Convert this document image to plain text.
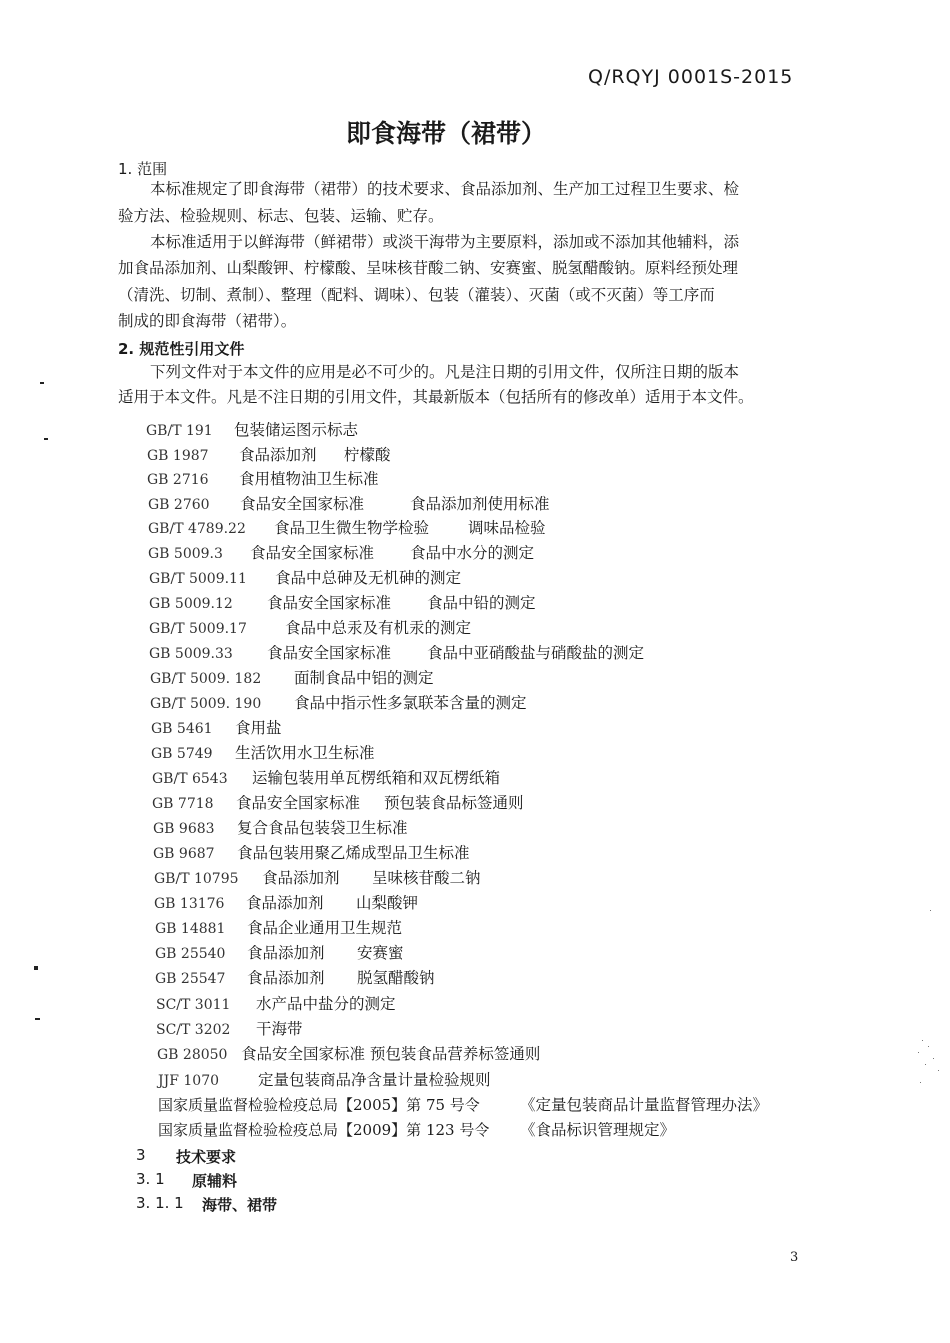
Q/RQYJ 0001S-2015
即食海带（裙带）
1. 范围
本标准规定了即食海带（裙带）的技术要求、食品添加剂、生产加工过程卫生要求、检
验方法、检验规则、标志、包装、运输、贮存。
本标准适用于以鲜海带（鲜裙带）或淡干海带为主要原料，添加或不添加其他辅料，添
加食品添加剂、山梨酸钾、柠檬酸、呈味核苷酸二钠、安赛蜜、脱氢醋酸钠。原料经预处理
（清洗、切制、煮制）、整理（配料、调味）、包装（灌装）、灭菌（或不灭菌）等工序而
制成的即食海带（裙带）。
2. 规范性引用文件
下列文件对于本文件的应用是必不可少的。凡是注日期的引用文件，仅所注日期的版本
适用于本文件。凡是不注日期的引用文件，其最新版本（包括所有的修改单）适用于本文件。
GB/T 191 包装储运图示标志
GB 1987 食品添加剂 柠檬酸
GB 2716 食用植物油卫生标准
GB 2760 食品安全国家标准	食品添加剂使用标准
GB/T 4789.22 食品卫生微生物学检验	调味品检验
GB 5009.3 食品安全国家标准 食品中水分的测定
GB/T 5009.11 食品中总砷及无机砷的测定
GB 5009.12 食品安全国家标准 食品中铅的测定
GB/T 5009.17 食品中总汞及有机汞的测定
GB 5009.33 食品安全国家标准 食品中亚硝酸盐与硝酸盐的测定
GB/T 5009. 182 面制食品中铝的测定
GB/T 5009. 190 食品中指示性多氯联苯含量的测定
GB 5461 食用盐
GB 5749 生活饮用水卫生标准
GB/T 6543 运输包装用单瓦楞纸箱和双瓦楞纸箱
GB 7718 食品安全国家标准 预包装食品标签通则
GB 9683 复合食品包装袋卫生标准
GB 9687 食品包装用聚乙烯成型品卫生标准
GB/T 10795 食品添加剂 呈味核苷酸二钠
GB 13176 食品添加剂 山梨酸钾
GB 14881 食品企业通用卫生规范
GB 25540 食品添加剂 安赛蜜
GB 25547 食品添加剂 脱氢醋酸钠
SC/T 3011 水产品中盐分的测定
SC/T 3202 干海带
GB 28050 食品安全国家标准 预包装食品营养标签通则
JJF 1070	定量包装商品净含量计量检验规则
国家质量监督检验检疫总局【2005】第 75 号令	《定量包装商品计量监督管理办法》
国家质量监督检验检疫总局【2009】第 123 号令 《食品标识管理规定》
3 技术要求
3. 1 原辅料
3. 1. 1 海带、裙带
3
